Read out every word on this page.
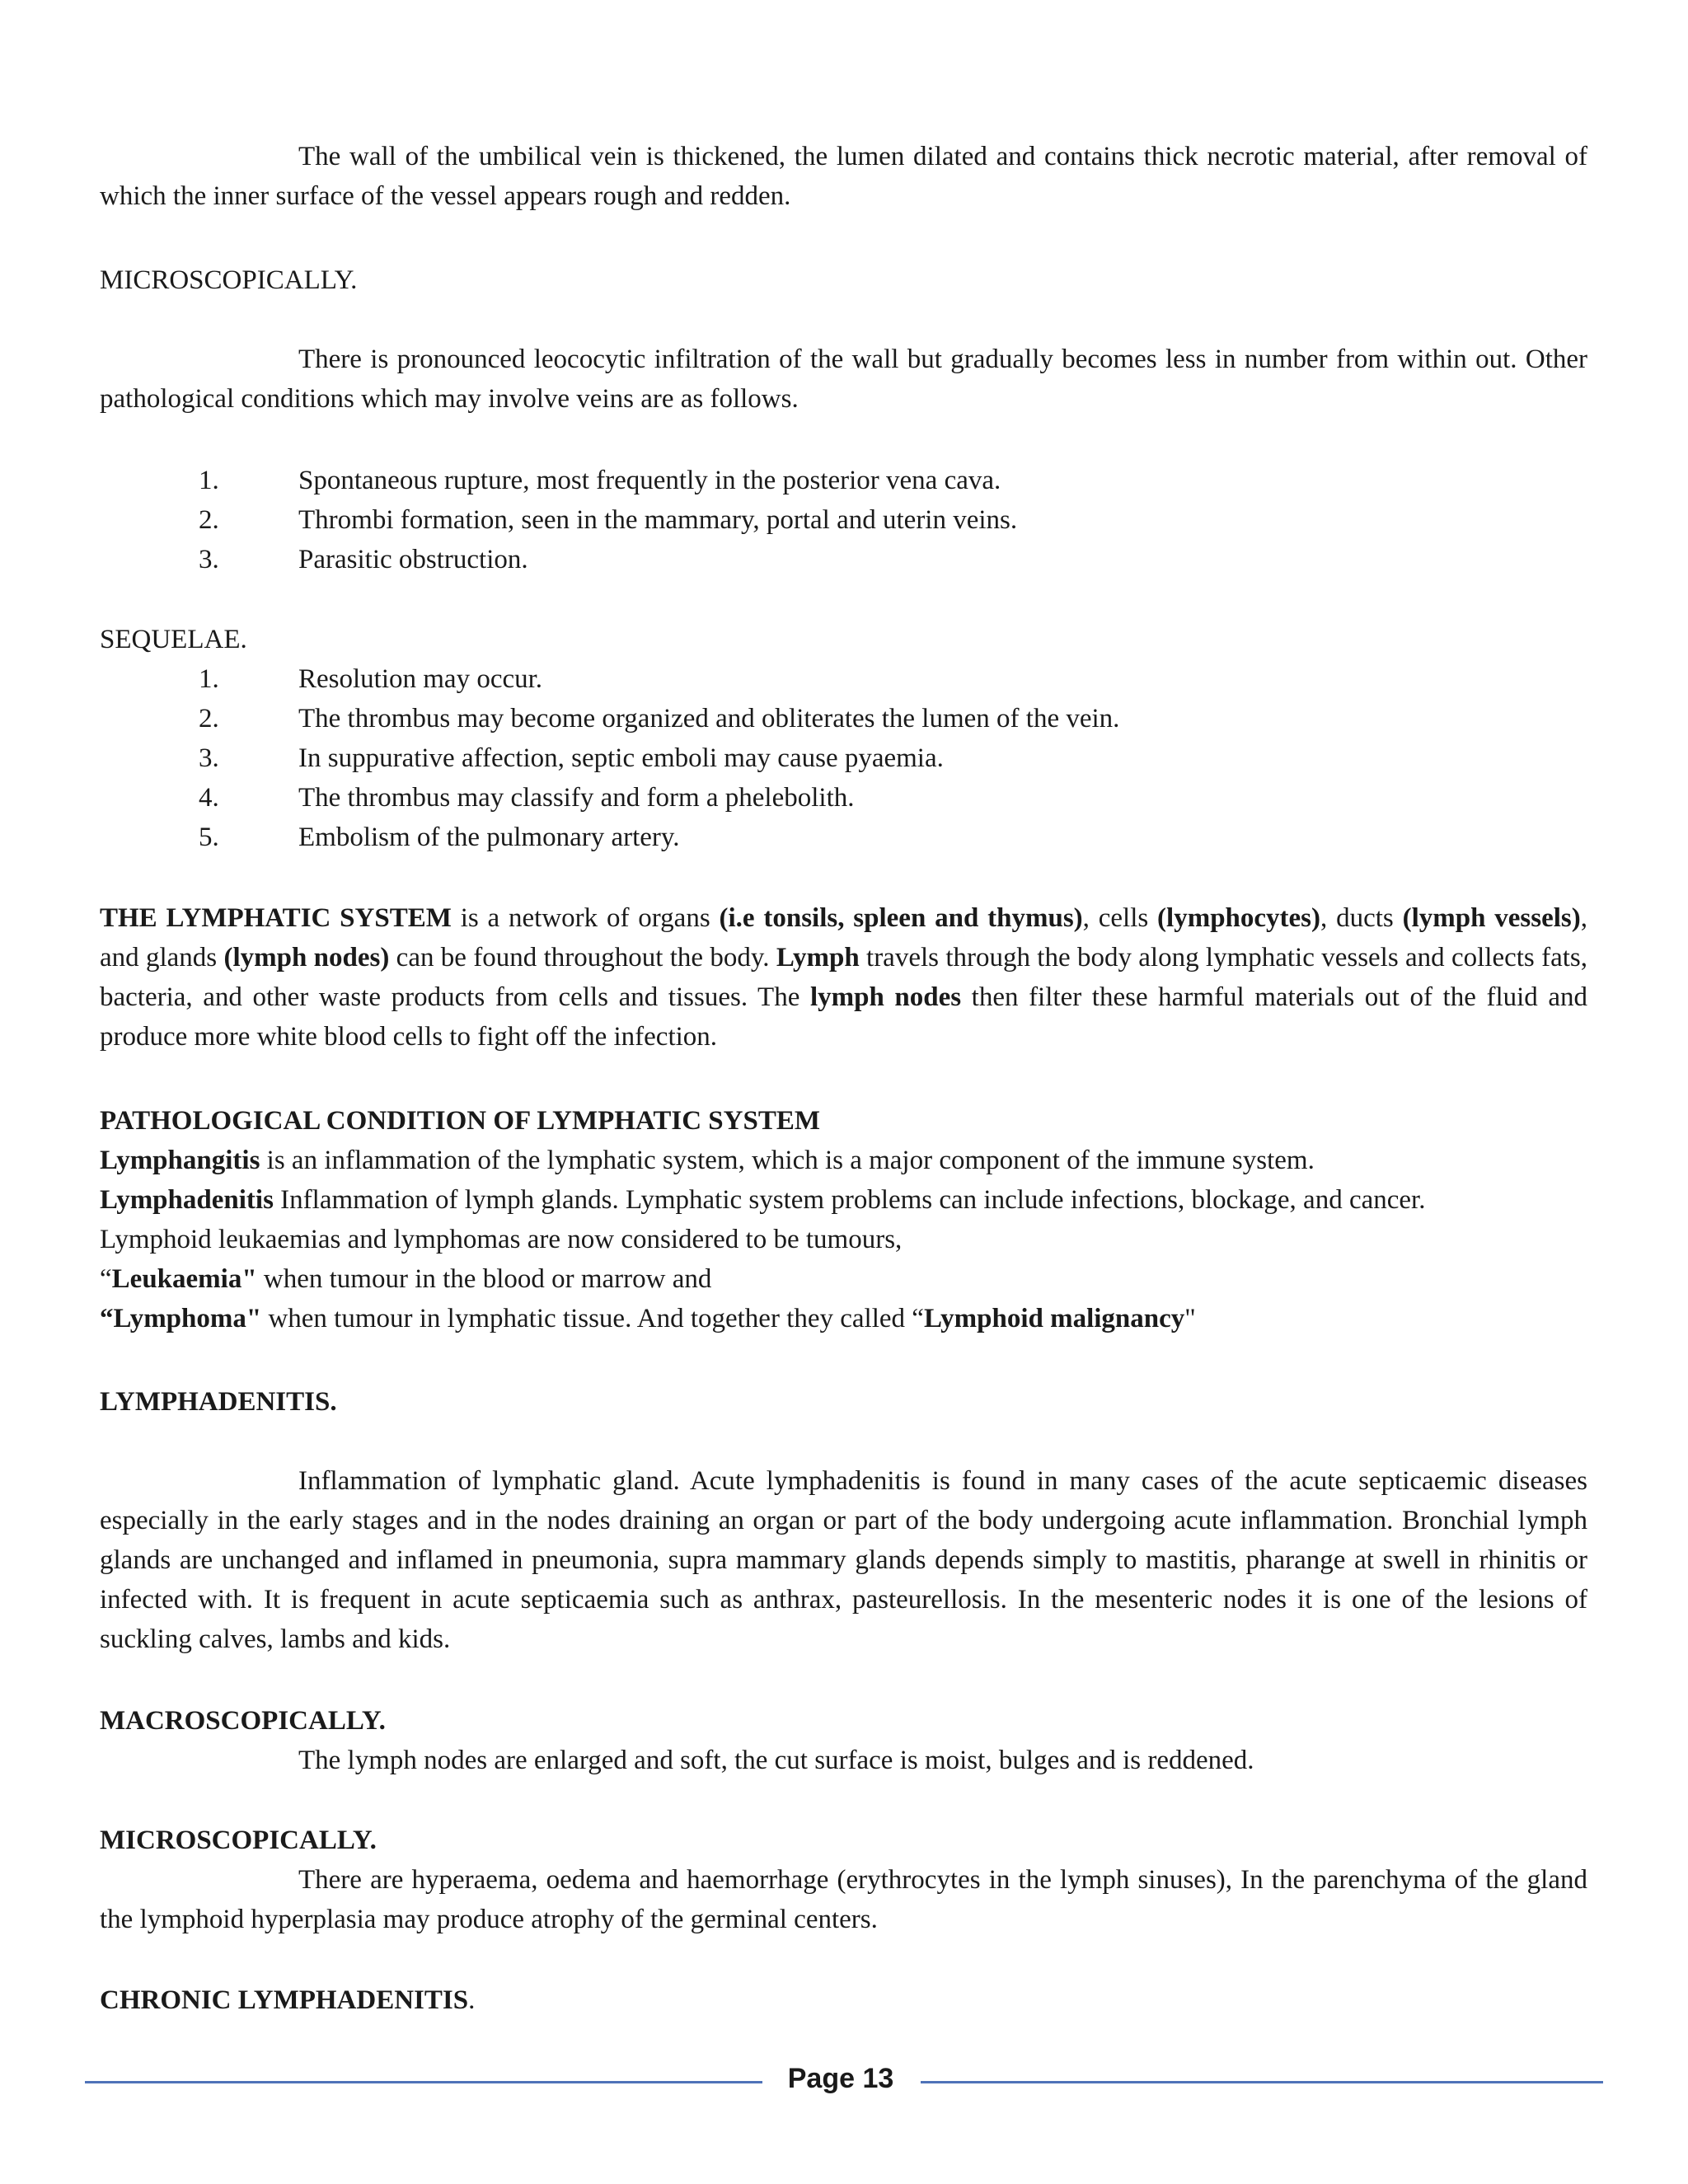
The wall of the umbilical vein is thickened, the lumen dilated and contains thick necrotic material, after removal of which the inner surface of the vessel appears rough and redden.

MICROSCOPICALLY.

There is pronounced leococytic infiltration of the wall but gradually becomes less in number from within out. Other pathological conditions which may involve veins are as follows.

1.	Spontaneous rupture, most frequently in the posterior vena cava.
2.	Thrombi formation, seen in the mammary, portal and uterin veins.
3.	Parasitic obstruction.

SEQUELAE.

1.	Resolution may occur.
2.	The thrombus may become organized and obliterates the lumen of the vein.
3.	In suppurative affection, septic emboli may cause pyaemia.
4.	The thrombus may classify and form a phelebolith.
5.	Embolism of the pulmonary artery.

THE LYMPHATIC SYSTEM is a network of organs (i.e tonsils, spleen and thymus), cells (lymphocytes), ducts (lymph vessels), and glands (lymph nodes) can be found throughout the body. Lymph travels through the body along lymphatic vessels and collects fats, bacteria, and other waste products from cells and tissues. The lymph nodes then filter these harmful materials out of the fluid and produce more white blood cells to fight off the infection.

PATHOLOGICAL CONDITION OF LYMPHATIC SYSTEM
Lymphangitis is an inflammation of the lymphatic system, which is a major component of the immune system.
Lymphadenitis Inflammation of lymph glands. Lymphatic system problems can include infections, blockage, and cancer.
Lymphoid leukaemias and lymphomas are now considered to be tumours,
“Leukaemia" when tumour in the blood or marrow and
“Lymphoma" when tumour in lymphatic tissue. And together they called “Lymphoid malignancy"

LYMPHADENITIS.

Inflammation of lymphatic gland. Acute lymphadenitis is found in many cases of the acute septicaemic diseases especially in the early stages and in the nodes draining an organ or part of the body undergoing acute inflammation. Bronchial lymph glands are unchanged and inflamed in pneumonia, supra mammary glands depends simply to mastitis, pharange at swell in rhinitis or infected with. It is frequent in acute septicaemia such as anthrax, pasteurellosis. In the mesenteric nodes it is one of the lesions of suckling calves, lambs and kids.

MACROSCOPICALLY.

The lymph nodes are enlarged and soft, the cut surface is moist, bulges and is reddened.

MICROSCOPICALLY.

There are hyperaema, oedema and haemorrhage (erythrocytes in the lymph sinuses), In the parenchyma of the gland the lymphoid hyperplasia may produce atrophy of the germinal centers.

CHRONIC LYMPHADENITIS.

Page 13
